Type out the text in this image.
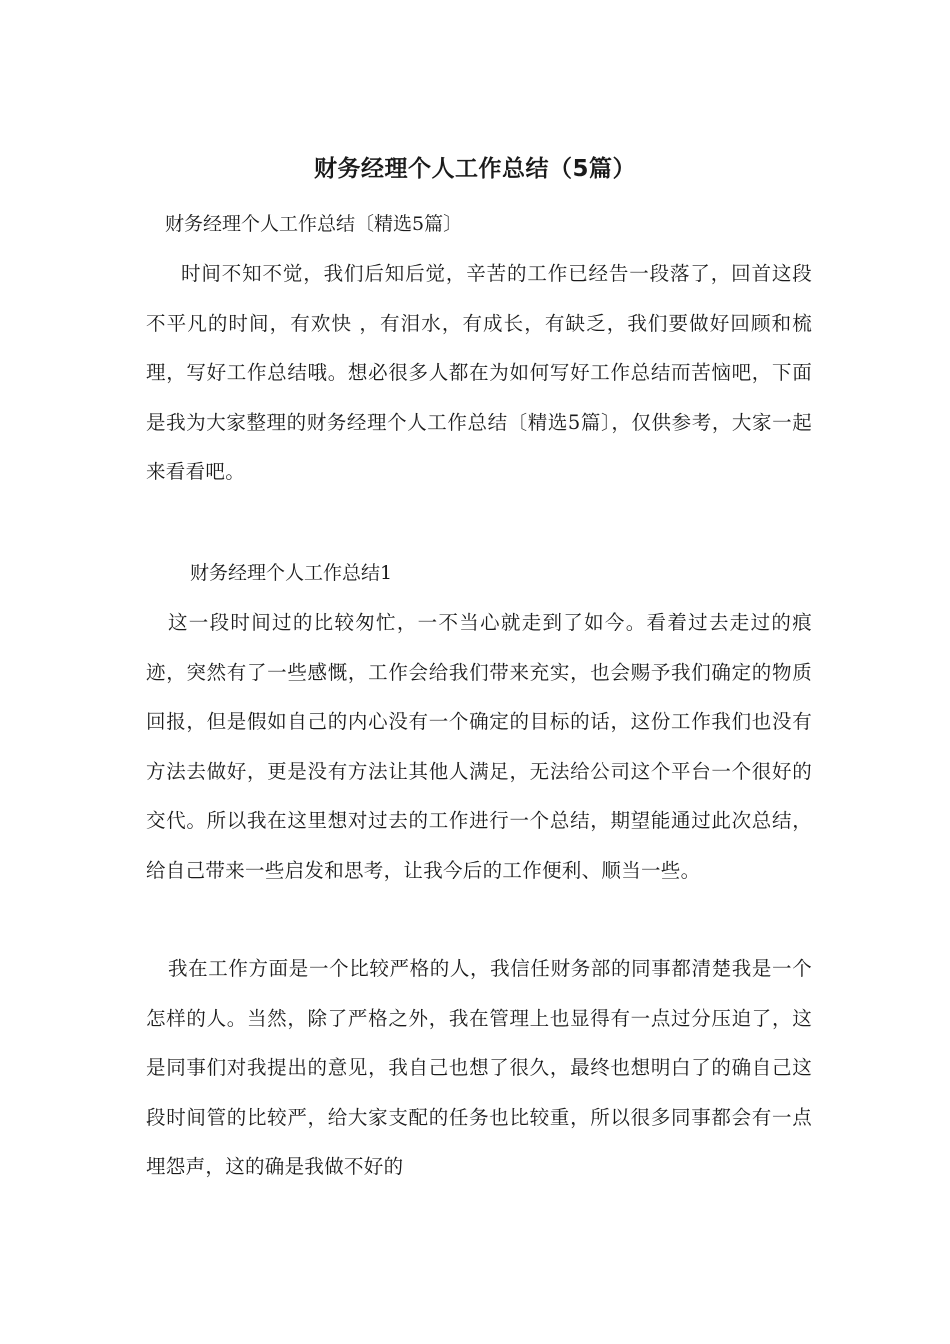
财务经理个人工作总结（5篇）
财务经理个人工作总结〔精选5篇〕
时间不知不觉，我们后知后觉，辛苦的工作已经告一段落了，回首这段不平凡的时间，有欢快 ，有泪水，有成长，有缺乏，我们要做好回顾和梳理，写好工作总结哦。想必很多人都在为如何写好工作总结而苦恼吧，下面是我为大家整理的财务经理个人工作总结〔精选5篇〕，仅供参考，大家一起来看看吧。
财务经理个人工作总结1
这一段时间过的比较匆忙，一不当心就走到了如今。看着过去走过的痕迹，突然有了一些感慨，工作会给我们带来充实，也会赐予我们确定的物质回报，但是假如自己的内心没有一个确定的目标的话，这份工作我们也没有方法去做好，更是没有方法让其他人满足，无法给公司这个平台一个很好的交代。所以我在这里想对过去的工作进行一个总结，期望能通过此次总结，给自己带来一些启发和思考，让我今后的工作便利、顺当一些。
我在工作方面是一个比较严格的人，我信任财务部的同事都清楚我是一个怎样的人。当然，除了严格之外，我在管理上也显得有一点过分压迫了，这是同事们对我提出的意见，我自己也想了很久，最终也想明白了的确自己这段时间管的比较严，给大家支配的任务也比较重，所以很多同事都会有一点埋怨声，这的确是我做不好的
